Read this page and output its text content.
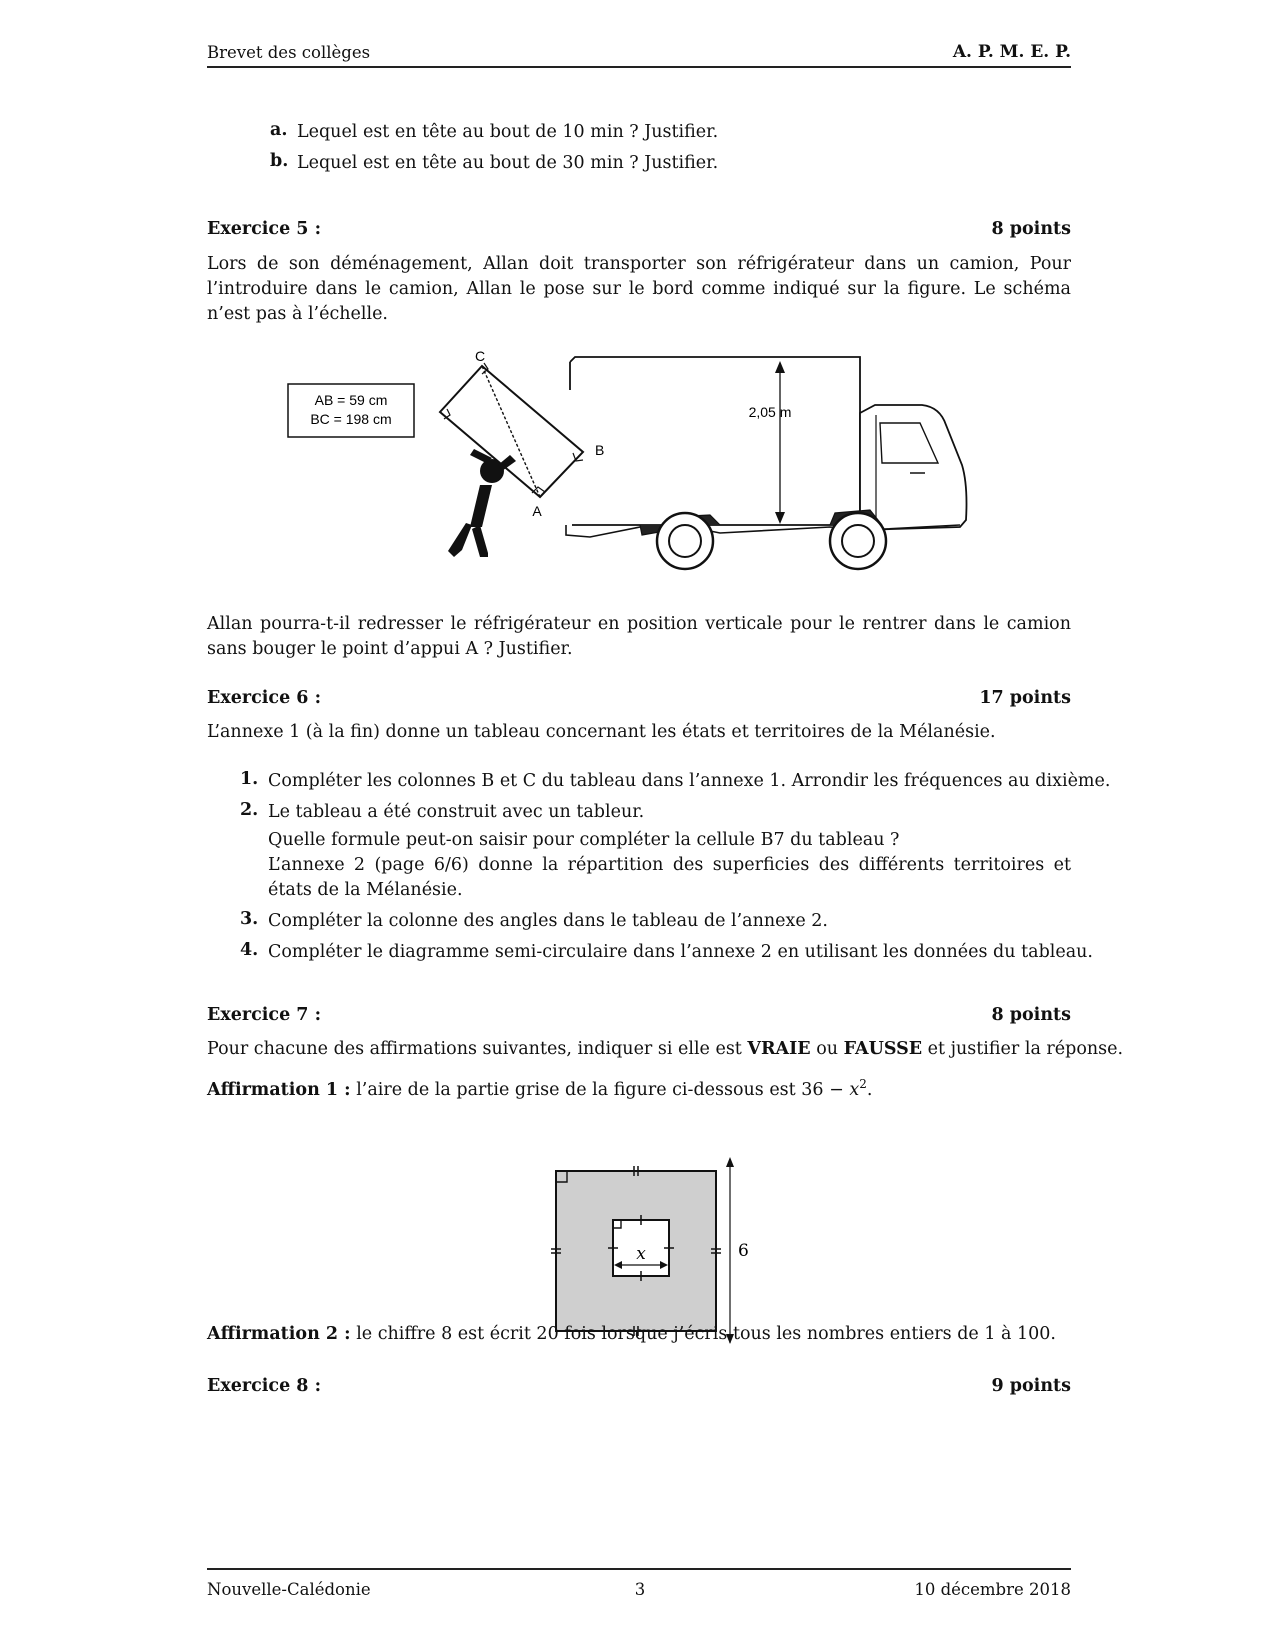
Brevet des collèges	A. P. M. E. P.
a. Lequel est en tête au bout de 10 min ? Justifier.
b. Lequel est en tête au bout de 30 min ? Justifier.
Exercice 5 :	8 points
Lors de son déménagement, Allan doit transporter son réfrigérateur dans un camion, Pour l’introduire dans le camion, Allan le pose sur le bord comme indiqué sur la figure. Le schéma n’est pas à l’échelle.
AB = 59 cm
BC = 198 cm	2,05 m
C
B
A
Allan pourra-t-il redresser le réfrigérateur en position verticale pour le rentrer dans le camion sans bouger le point d’appui A ? Justifier.
Exercice 6 :	17 points
L’annexe 1 (à la fin) donne un tableau concernant les états et territoires de la Mélanésie.
1. Compléter les colonnes B et C du tableau dans l’annexe 1. Arrondir les fréquences au dixième.
2. Le tableau a été construit avec un tableur.
Quelle formule peut-on saisir pour compléter la cellule B7 du tableau ?
L’annexe 2 (page 6/6) donne la répartition des superficies des différents territoires et états de la Mélanésie.
3. Compléter la colonne des angles dans le tableau de l’annexe 2.
4. Compléter le diagramme semi-circulaire dans l’annexe 2 en utilisant les données du tableau.
Exercice 7 :	8 points
Pour chacune des affirmations suivantes, indiquer si elle est VRAIE ou FAUSSE et justifier la réponse.
Affirmation 1 : l’aire de la partie grise de la figure ci-dessous est $36 - x^2$.
x	6
Affirmation 2 : le chiffre 8 est écrit 20 fois lorsque j’écris tous les nombres entiers de 1 à 100.
Exercice 8 :	9 points
Nouvelle-Calédonie	3	10 décembre 2018
